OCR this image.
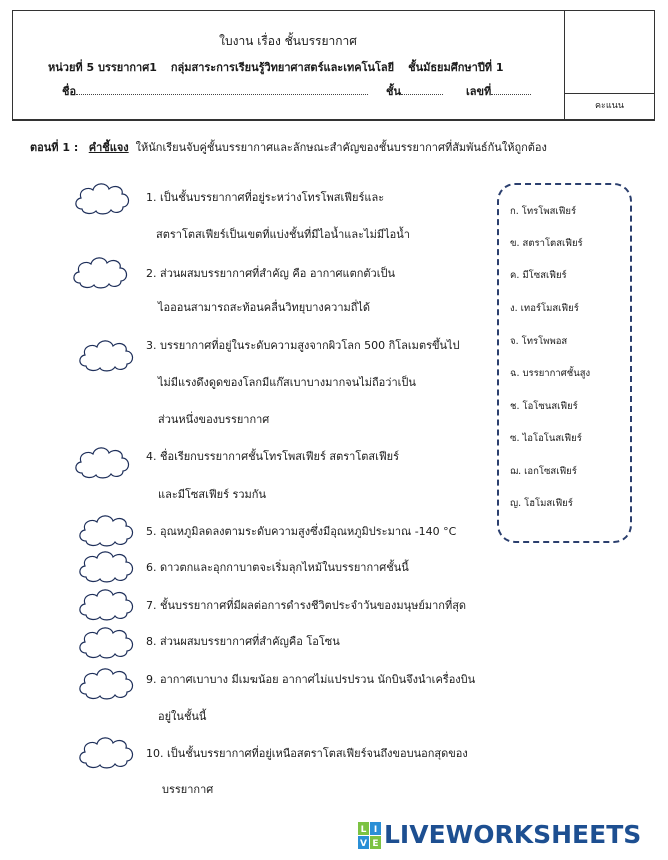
คะแนน
ใบงาน เรื่อง ชั้นบรรยากาศ
หน่วยที่ 5 บรรยากาศ1 กลุ่มสาระการเรียนรู้วิทยาศาสตร์และเทคโนโลยี ชั้นมัธยมศึกษาปีที่ 1
ชื่อ	ชั้น	เลขที่
ตอนที่ 1 : คำชี้แจง ให้นักเรียนจับคู่ชั้นบรรยากาศและลักษณะสำคัญของชั้นบรรยากาศที่สัมพันธ์กันให้ถูกต้อง
1. เป็นชั้นบรรยากาศที่อยู่ระหว่างโทรโพสเฟียร์และ
สตราโตสเฟียร์เป็นเขตที่แบ่งชั้นที่มีไอน้ำและไม่มีไอน้ำ
2. ส่วนผสมบรรยากาศที่สำคัญ คือ อากาศแตกตัวเป็น
ไอออนสามารถสะท้อนคลื่นวิทยุบางความถี่ได้
3. บรรยากาศที่อยู่ในระดับความสูงจากผิวโลก 500 กิโลเมตรขึ้นไป
ไม่มีแรงดึงดูดของโลกมีแก๊สเบาบางมากจนไม่ถือว่าเป็น
ส่วนหนึ่งของบรรยากาศ
4. ชื่อเรียกบรรยากาศชั้นโทรโพสเฟียร์ สตราโตสเฟียร์
และมีโซสเฟียร์ รวมกัน
5. อุณหภูมิลดลงตามระดับความสูงซึ่งมีอุณหภูมิประมาณ -140 °C
6. ดาวตกและอุกกาบาตจะเริ่มลุกไหม้ในบรรยากาศชั้นนี้
7. ชั้นบรรยากาศที่มีผลต่อการดำรงชีวิตประจำวันของมนุษย์มากที่สุด
8. ส่วนผสมบรรยากาศที่สำคัญคือ โอโซน
9. อากาศเบาบาง มีเมฆน้อย อากาศไม่แปรปรวน นักบินจึงนำเครื่องบิน
อยู่ในชั้นนี้
10. เป็นชั้นบรรยากาศที่อยู่เหนือสตราโตสเฟียร์จนถึงขอบนอกสุดของ
บรรยากาศ
ก. โทรโพสเฟียร์
ข. สตราโตสเฟียร์
ค. มีโซสเฟียร์
ง. เทอร์โมสเฟียร์
จ. โทรโพพอส
ฉ. บรรยากาศชั้นสูง
ช. โอโซนสเฟียร์
ซ. ไอโอโนสเฟียร์
ฌ. เอกโซสเฟียร์
ญ. โฮโมสเฟียร์
L I
V E LIVEWORKSHEETS
